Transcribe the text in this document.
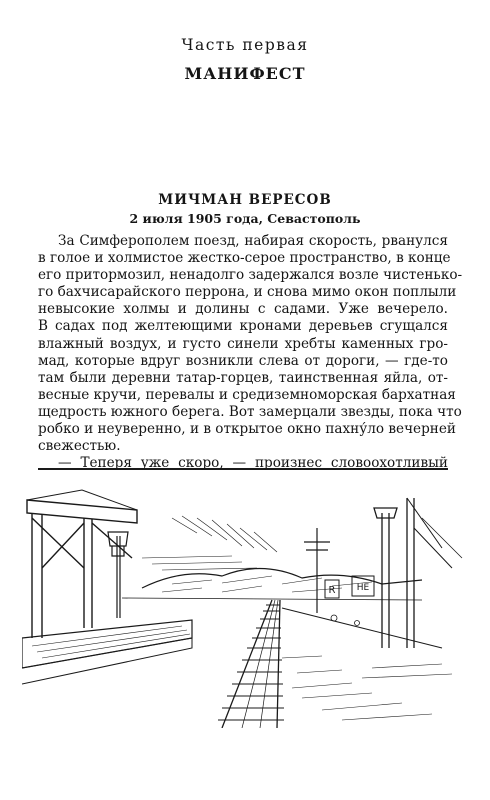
Часть первая
МАНИФЕСТ
МИЧМАН ВЕРЕСОВ
2 июля 1905 года, Севастополь
За Симферополем поезд, набирая скорость, рванулся
в голое и холмистое жестко-серое пространство, в конце
его притормозил, ненадолго задержался возле чистенько-
го бахчисарайского перрона, и снова мимо окон поплыли
невысокие холмы и долины с садами. Уже вечерело.
В садах под желтеющими кронами деревьев сгущался
влажный воздух, и густо синели хребты каменных гро-
мад, которые вдруг возникли слева от дороги, — где-то
там были деревни татар-горцев, таинственная яйла, от-
весные кручи, перевалы и средиземноморская бархатная
щедрость южного берега. Вот замерцали звезды, пока что
робко и неуверенно, и в открытое окно пахну́ло вечерней
свежестью.
— Теперя уже скоро, — произнес словоохотливый
R НЕ
